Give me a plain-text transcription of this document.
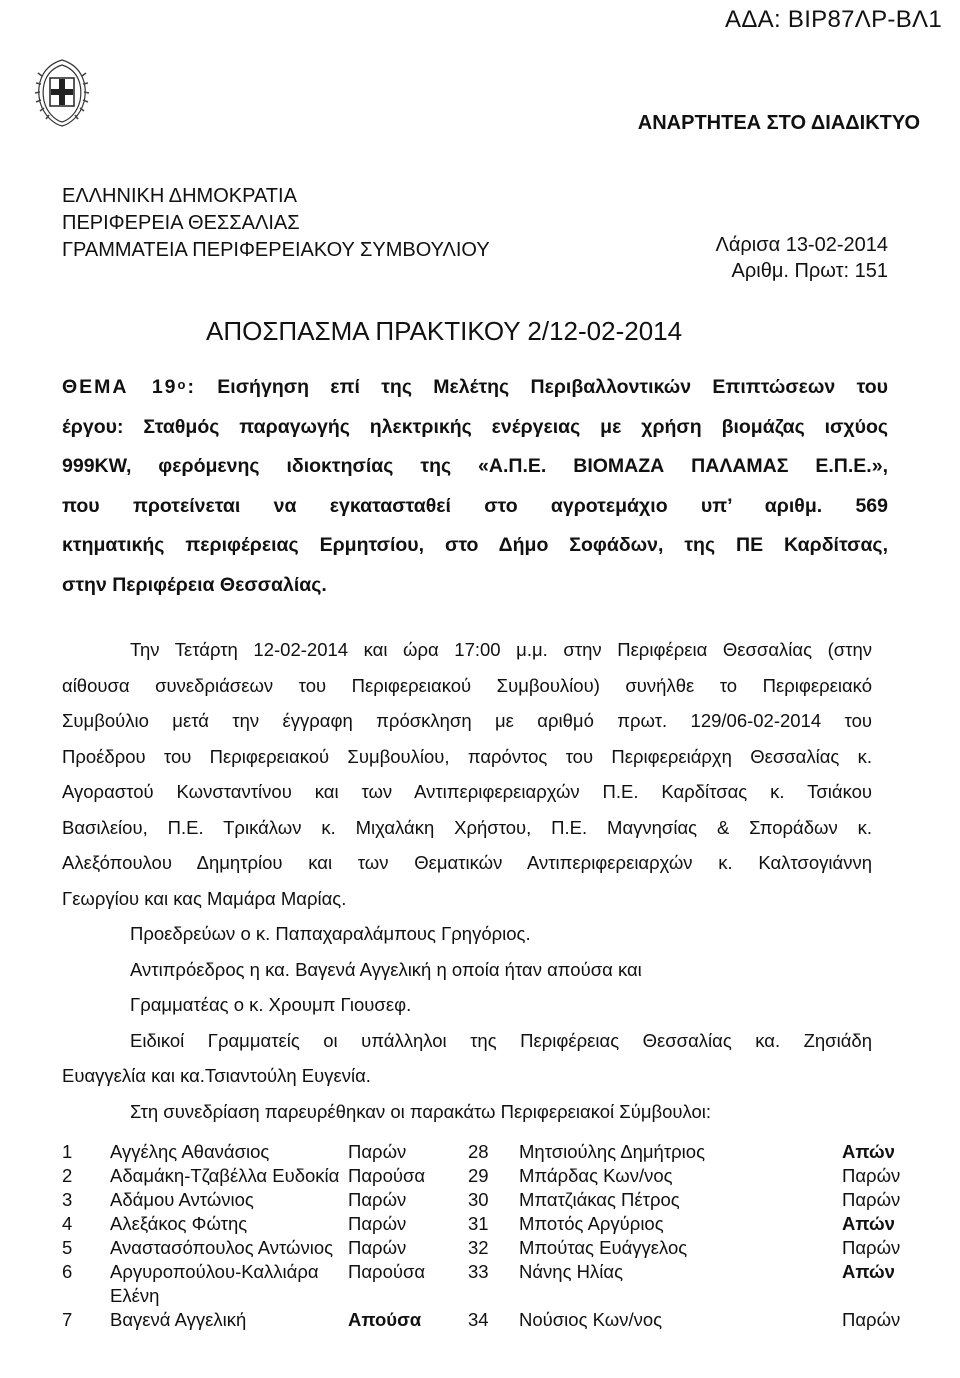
ΑΔΑ: ΒΙΡ87ΛΡ-ΒΛ1
ΑΝΑΡΤΗΤΕΑ ΣΤΟ ΔΙΑΔΙΚΤΥΟ
ΕΛΛΗΝΙΚΗ ΔΗΜΟΚΡΑΤΙΑ
ΠΕΡΙΦΕΡΕΙΑ ΘΕΣΣΑΛΙΑΣ
ΓΡΑΜΜΑΤΕΙΑ ΠΕΡΙΦΕΡΕΙΑΚΟΥ ΣΥΜΒΟΥΛΙΟΥ	Λάρισα 13-02-2014
Αριθμ. Πρωτ: 151
ΑΠΟΣΠΑΣΜΑ ΠΡΑΚΤΙΚΟΥ 2/12-02-2014
ΘΕΜΑ $19^o$: Εισήγηση επί της Μελέτης Περιβαλλοντικών Επιπτώσεων του
έργου: Σταθμός παραγωγής ηλεκτρικής ενέργειας με χρήση βιομάζας ισχύος
999KW, φερόμενης ιδιοκτησίας της «Α.Π.Ε. ΒΙΟΜΑΖΑ ΠΑΛΑΜΑΣ Ε.Π.Ε.»,
που προτείνεται να εγκατασταθεί στο αγροτεμάχιο υπ’ αριθμ. 569
κτηματικής περιφέρειας Ερμητσίου, στο Δήμο Σοφάδων, της ΠΕ Καρδίτσας,
στην Περιφέρεια Θεσσαλίας.
Την Τετάρτη 12-02-2014 και ώρα 17:00 μ.μ. στην Περιφέρεια Θεσσαλίας (στην
αίθουσα συνεδριάσεων του Περιφερειακού Συμβουλίου) συνήλθε το Περιφερειακό
Συμβούλιο μετά την έγγραφη πρόσκληση με αριθμό πρωτ. 129/06-02-2014 του
Προέδρου του Περιφερειακού Συμβουλίου, παρόντος του Περιφερειάρχη Θεσσαλίας κ.
Αγοραστού Κωνσταντίνου και των Αντιπεριφερειαρχών Π.Ε. Καρδίτσας κ. Τσιάκου
Βασιλείου, Π.Ε. Τρικάλων κ. Μιχαλάκη Χρήστου, Π.Ε. Μαγνησίας & Σποράδων κ.
Αλεξόπουλου Δημητρίου και των Θεματικών Αντιπεριφερειαρχών κ. Καλτσογιάννη
Γεωργίου και κας Μαμάρα Μαρίας.
Προεδρεύων ο κ. Παπαχαραλάμπους Γρηγόριος.
Αντιπρόεδρος η κα. Βαγενά Αγγελική η οποία ήταν απούσα και
Γραμματέας ο κ. Χρουμπ Γιουσεφ.
Ειδικοί Γραμματείς οι υπάλληλοι της Περιφέρειας Θεσσαλίας κα. Ζησιάδη
Ευαγγελία και κα.Τσιαντούλη Ευγενία.
Στη συνεδρίαση παρευρέθηκαν οι παρακάτω Περιφερειακοί Σύμβουλοι:
1	Αγγέλης Αθανάσιος	Παρών	28	Μητσιούλης Δημήτριος	Απών
2	Αδαμάκη-Τζαβέλλα Ευδοκία	Παρούσα	29	Μπάρδας Κων/νος	Παρών
3	Αδάμου Αντώνιος	Παρών	30	Μπατζιάκας Πέτρος	Παρών
4	Αλεξάκος Φώτης	Παρών	31	Μποτός Αργύριος	Απών
5	Αναστασόπουλος Αντώνιος	Παρών	32	Μπούτας Ευάγγελος	Παρών
6	Αργυροπούλου-Καλλιάρα Ελένη	Παρούσα	33	Νάνης Ηλίας	Απών
7	Βαγενά Αγγελική	Απούσα	34	Νούσιος Κων/νος	Παρών
